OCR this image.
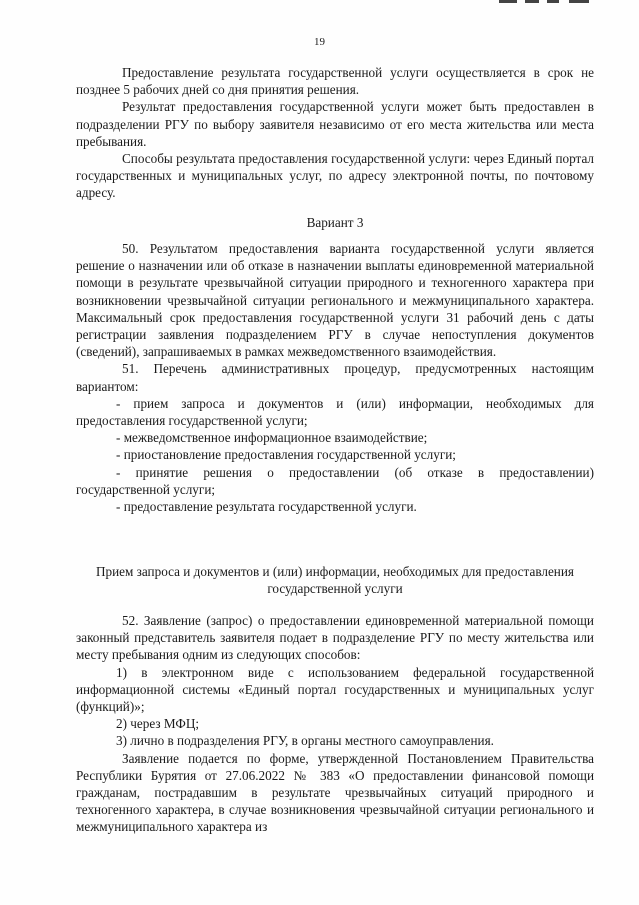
19

Предоставление результата государственной услуги осуществляется в срок не позднее 5 рабочих дней со дня принятия решения.

Результат предоставления государственной услуги может быть предоставлен в подразделении РГУ по выбору заявителя независимо от его места жительства или места пребывания.

Способы результата предоставления государственной услуги: через Единый портал государственных и муниципальных услуг, по адресу электронной почты, по почтовому адресу.

Вариант 3

50. Результатом предоставления варианта государственной услуги является решение о назначении или об отказе в назначении выплаты единовременной материальной помощи в результате чрезвычайной ситуации природного и техногенного характера при возникновении чрезвычайной ситуации регионального и межмуниципального характера. Максимальный срок предоставления государственной услуги 31 рабочий день с даты регистрации заявления подразделением РГУ в случае непоступления документов (сведений), запрашиваемых в рамках межведомственного взаимодействия.

51. Перечень административных процедур, предусмотренных настоящим вариантом:

- прием запроса и документов и (или) информации, необходимых для предоставления государственной услуги;

- межведомственное информационное взаимодействие;

- приостановление предоставления государственной услуги;

- принятие решения о предоставлении (об отказе в предоставлении) государственной услуги;

- предоставление результата государственной услуги.

Прием запроса и документов и (или) информации, необходимых для предоставления государственной услуги

52. Заявление (запрос) о предоставлении единовременной материальной помощи законный представитель заявителя подает в подразделение РГУ по месту жительства или месту пребывания одним из следующих способов:

1) в электронном виде с использованием федеральной государственной информационной системы «Единый портал государственных и муниципальных услуг (функций)»;

2) через МФЦ;

3) лично в подразделения РГУ, в органы местного самоуправления.

Заявление подается по форме, утвержденной Постановлением Правительства Республики Бурятия от 27.06.2022 № 383 «О предоставлении финансовой помощи гражданам, пострадавшим в результате чрезвычайных ситуаций природного и техногенного характера, в случае возникновения чрезвычайной ситуации регионального и межмуниципального характера из
